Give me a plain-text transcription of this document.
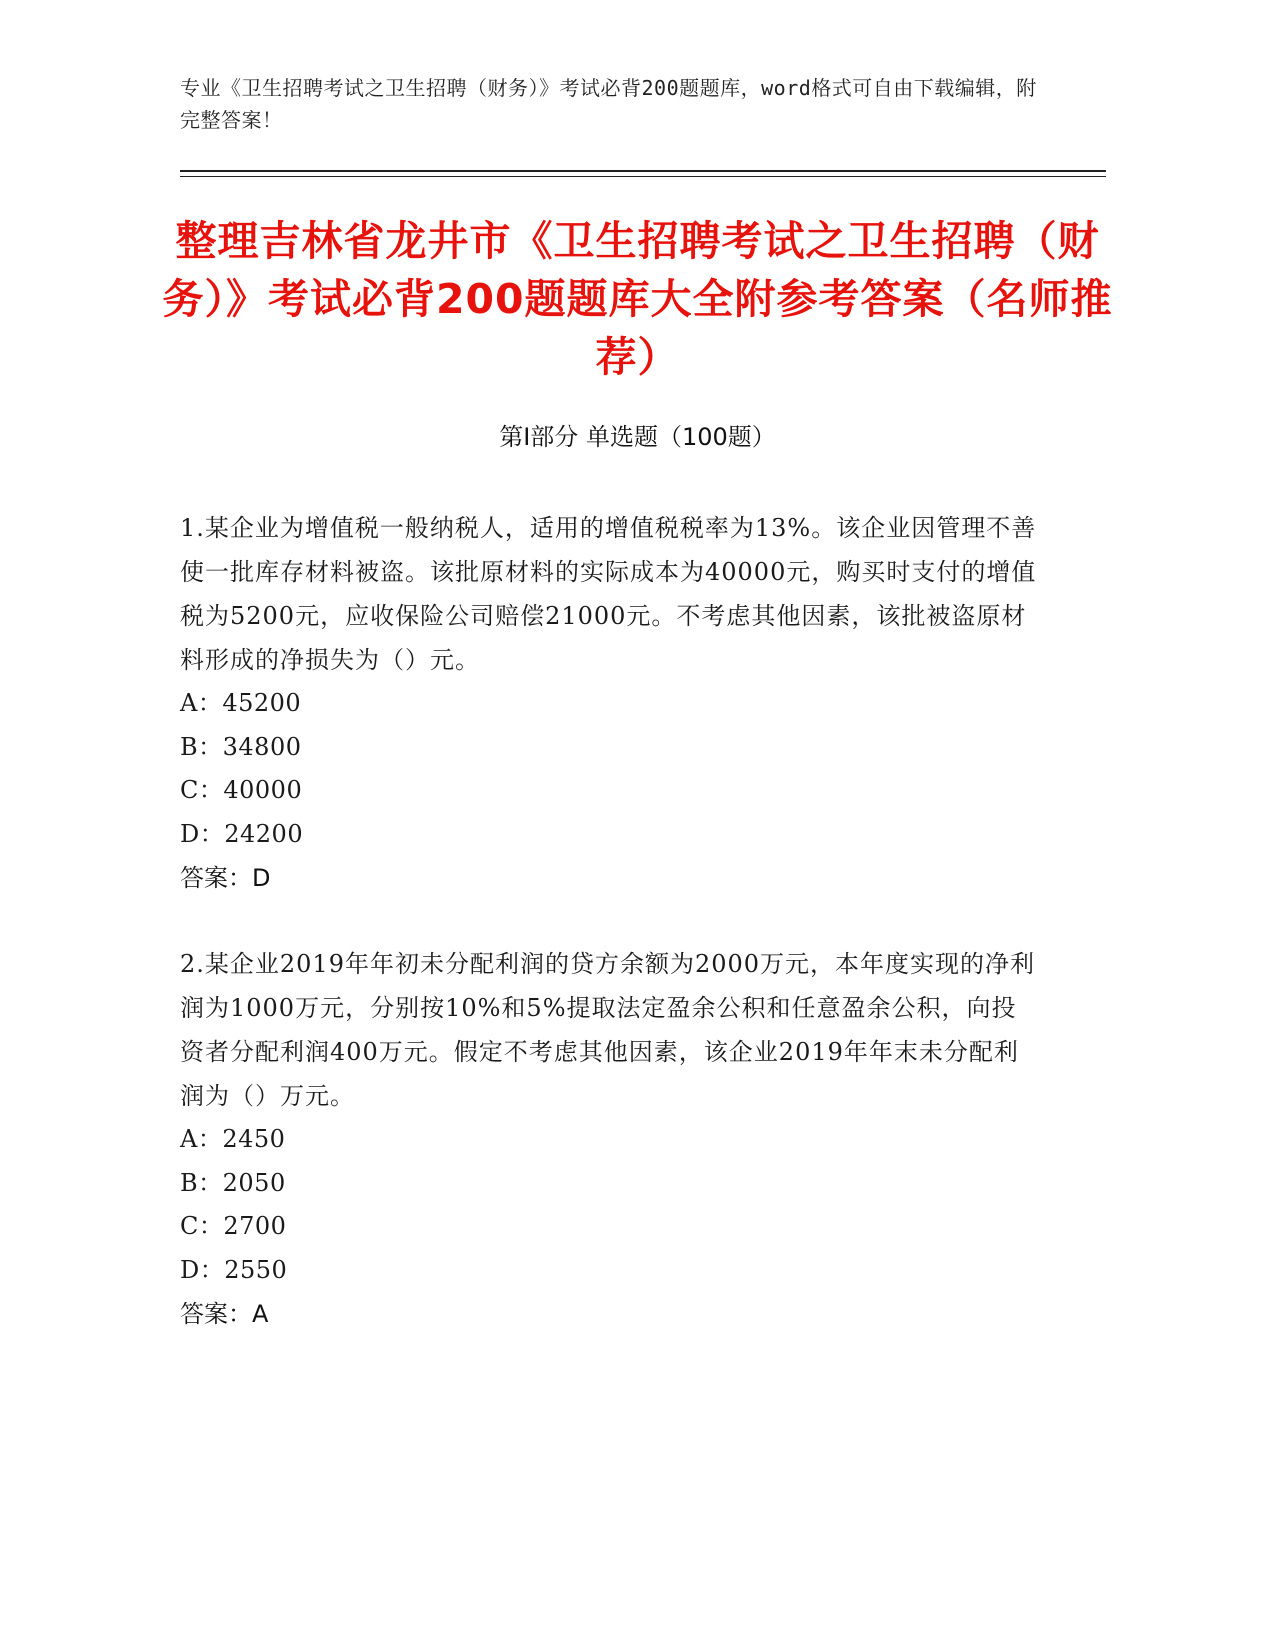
专业《卫生招聘考试之卫生招聘（财务）》考试必背200题题库，word格式可自由下载编辑，附完整答案！
整理吉林省龙井市《卫生招聘考试之卫生招聘（财务）》考试必背200题题库大全附参考答案（名师推荐）
第Ⅰ部分 单选题（100题）

1.某企业为增值税一般纳税人，适用的增值税税率为13%。该企业因管理不善使一批库存材料被盗。该批原材料的实际成本为40000元，购买时支付的增值税为5200元，应收保险公司赔偿21000元。不考虑其他因素，该批被盗原材料形成的净损失为（）元。

A：45200
B：34800
C：40000
D：24200
答案：D

2.某企业2019年年初未分配利润的贷方余额为2000万元，本年度实现的净利润为1000万元，分别按10%和5%提取法定盈余公积和任意盈余公积，向投资者分配利润400万元。假定不考虑其他因素，该企业2019年年末未分配利润为（）万元。

A：2450
B：2050
C：2700
D：2550
答案：A
